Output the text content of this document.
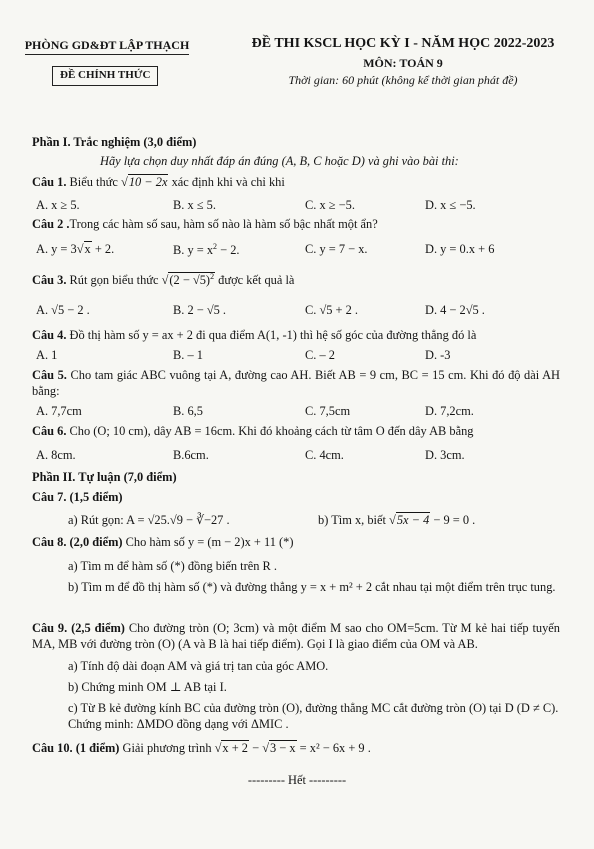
PHÒNG GD&ĐT LẬP THẠCH
ĐỀ CHÍNH THỨC
ĐỀ THI KSCL HỌC KỲ I - NĂM HỌC 2022-2023
MÔN: TOÁN 9
Thời gian: 60 phút (không kể thời gian phát đề)
Phần I. Trắc nghiệm (3,0 điểm)
Hãy lựa chọn duy nhất đáp án đúng (A, B, C hoặc D) và ghi vào bài thi:
Câu 1. Biểu thức √10 − 2x xác định khi và chỉ khi
A. x ≥ 5.	B. x ≤ 5.	C. x ≥ −5.	D. x ≤ −5.
Câu 2 .Trong các hàm số sau, hàm số nào là hàm số bậc nhất một ẩn?
A. y = 3√x + 2.	B. $y = x^2 - 2$.	C. y = 7 − x.	D. y = 0.x + 6
Câu 3. Rút gọn biểu thức $√(2 - √5)^2$ được kết quả là
A. √5 − 2 .	B. 2 − √5 .	C. √5 + 2 .	D. 4 − 2√5 .
Câu 4. Đồ thị hàm số y = ax + 2 đi qua điểm A(1, -1) thì hệ số góc của đường thẳng đó là
A. 1	B. – 1	C. – 2	D. -3
Câu 5. Cho tam giác ABC vuông tại A, đường cao AH. Biết AB = 9 cm, BC = 15 cm. Khi đó độ dài AH bằng:
A. 7,7cm	B. 6,5	C. 7,5cm	D. 7,2cm.
Câu 6. Cho (O; 10 cm), dây AB = 16cm. Khi đó khoảng cách từ tâm O đến dây AB bằng
A. 8cm.	B.6cm.	C. 4cm.	D. 3cm.
Phần II. Tự luận (7,0 điểm)
Câu 7. (1,5 điểm)
a) Rút gọn: A = √25.√9 − ∛−27 .	b) Tìm x, biết √5x − 4 − 9 = 0 .
Câu 8. (2,0 điểm) Cho hàm số y = (m − 2)x + 11 (*)
a) Tìm m để hàm số (*) đồng biến trên R .
b) Tìm m để đồ thị hàm số (*) và đường thẳng y = x + m² + 2 cắt nhau tại một điểm trên trục tung.
Câu 9. (2,5 điểm) Cho đường tròn (O; 3cm) và một điểm M sao cho OM=5cm. Từ M kẻ hai tiếp tuyến MA, MB với đường tròn (O) (A và B là hai tiếp điểm). Gọi I là giao điểm của OM và AB.
a) Tính độ dài đoạn AM và giá trị tan của góc AMO.
b) Chứng minh OM ⊥ AB tại I.
c) Từ B kẻ đường kính BC của đường tròn (O), đường thẳng MC cắt đường tròn (O) tại D (D ≠ C). Chứng minh: ΔMDO đồng dạng với ΔMIC .
Câu 10. (1 điểm) Giải phương trình √x + 2 − √3 − x = x² − 6x + 9 .
--------- Hết ---------
